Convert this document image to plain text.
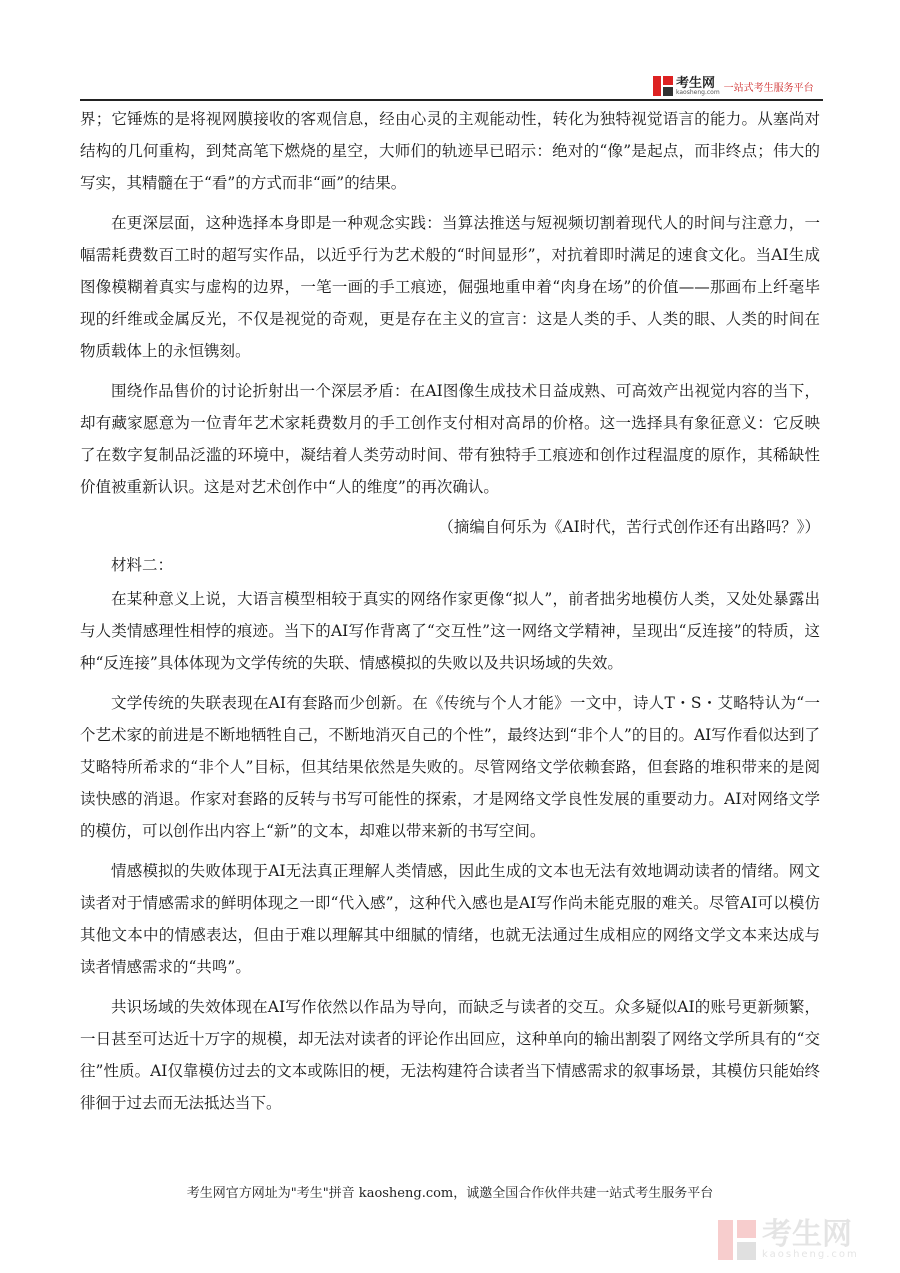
考生网
kaosheng.com 一站式考生服务平台

界；它锤炼的是将视网膜接收的客观信息，经由心灵的主观能动性，转化为独特视觉语言的能力。从塞尚对结构的几何重构，到梵高笔下燃烧的星空，大师们的轨迹早已昭示：绝对的“像”是起点，而非终点；伟大的写实，其精髓在于“看”的方式而非“画”的结果。

在更深层面，这种选择本身即是一种观念实践：当算法推送与短视频切割着现代人的时间与注意力，一幅需耗费数百工时的超写实作品，以近乎行为艺术般的“时间显形”，对抗着即时满足的速食文化。当AI生成图像模糊着真实与虚构的边界，一笔一画的手工痕迹，倔强地重申着“肉身在场”的价值——那画布上纤毫毕现的纤维或金属反光，不仅是视觉的奇观，更是存在主义的宣言：这是人类的手、人类的眼、人类的时间在物质载体上的永恒镌刻。

围绕作品售价的讨论折射出一个深层矛盾：在AI图像生成技术日益成熟、可高效产出视觉内容的当下，却有藏家愿意为一位青年艺术家耗费数月的手工创作支付相对高昂的价格。这一选择具有象征意义：它反映了在数字复制品泛滥的环境中，凝结着人类劳动时间、带有独特手工痕迹和创作过程温度的原作，其稀缺性价值被重新认识。这是对艺术创作中“人的维度”的再次确认。

（摘编自何乐为《AI时代，苦行式创作还有出路吗？》）

材料二：

在某种意义上说，大语言模型相较于真实的网络作家更像“拟人”，前者拙劣地模仿人类，又处处暴露出与人类情感理性相悖的痕迹。当下的AI写作背离了“交互性”这一网络文学精神，呈现出“反连接”的特质，这种“反连接”具体体现为文学传统的失联、情感模拟的失败以及共识场域的失效。

文学传统的失联表现在AI有套路而少创新。在《传统与个人才能》一文中，诗人T・S・艾略特认为“一个艺术家的前进是不断地牺牲自己，不断地消灭自己的个性”，最终达到“非个人”的目的。AI写作看似达到了艾略特所希求的“非个人”目标，但其结果依然是失败的。尽管网络文学依赖套路，但套路的堆积带来的是阅读快感的消退。作家对套路的反转与书写可能性的探索，才是网络文学良性发展的重要动力。AI对网络文学的模仿，可以创作出内容上“新”的文本，却难以带来新的书写空间。

情感模拟的失败体现于AI无法真正理解人类情感，因此生成的文本也无法有效地调动读者的情绪。网文读者对于情感需求的鲜明体现之一即“代入感”，这种代入感也是AI写作尚未能克服的难关。尽管AI可以模仿其他文本中的情感表达，但由于难以理解其中细腻的情绪，也就无法通过生成相应的网络文学文本来达成与读者情感需求的“共鸣”。

共识场域的失效体现在AI写作依然以作品为导向，而缺乏与读者的交互。众多疑似AI的账号更新频繁，一日甚至可达近十万字的规模，却无法对读者的评论作出回应，这种单向的输出割裂了网络文学所具有的“交往”性质。AI仅靠模仿过去的文本或陈旧的梗，无法构建符合读者当下情感需求的叙事场景，其模仿只能始终徘徊于过去而无法抵达当下。

考生网官方网址为"考生"拼音 kaosheng.com，诚邀全国合作伙伴共建一站式考生服务平台
考生网
kaosheng.com
